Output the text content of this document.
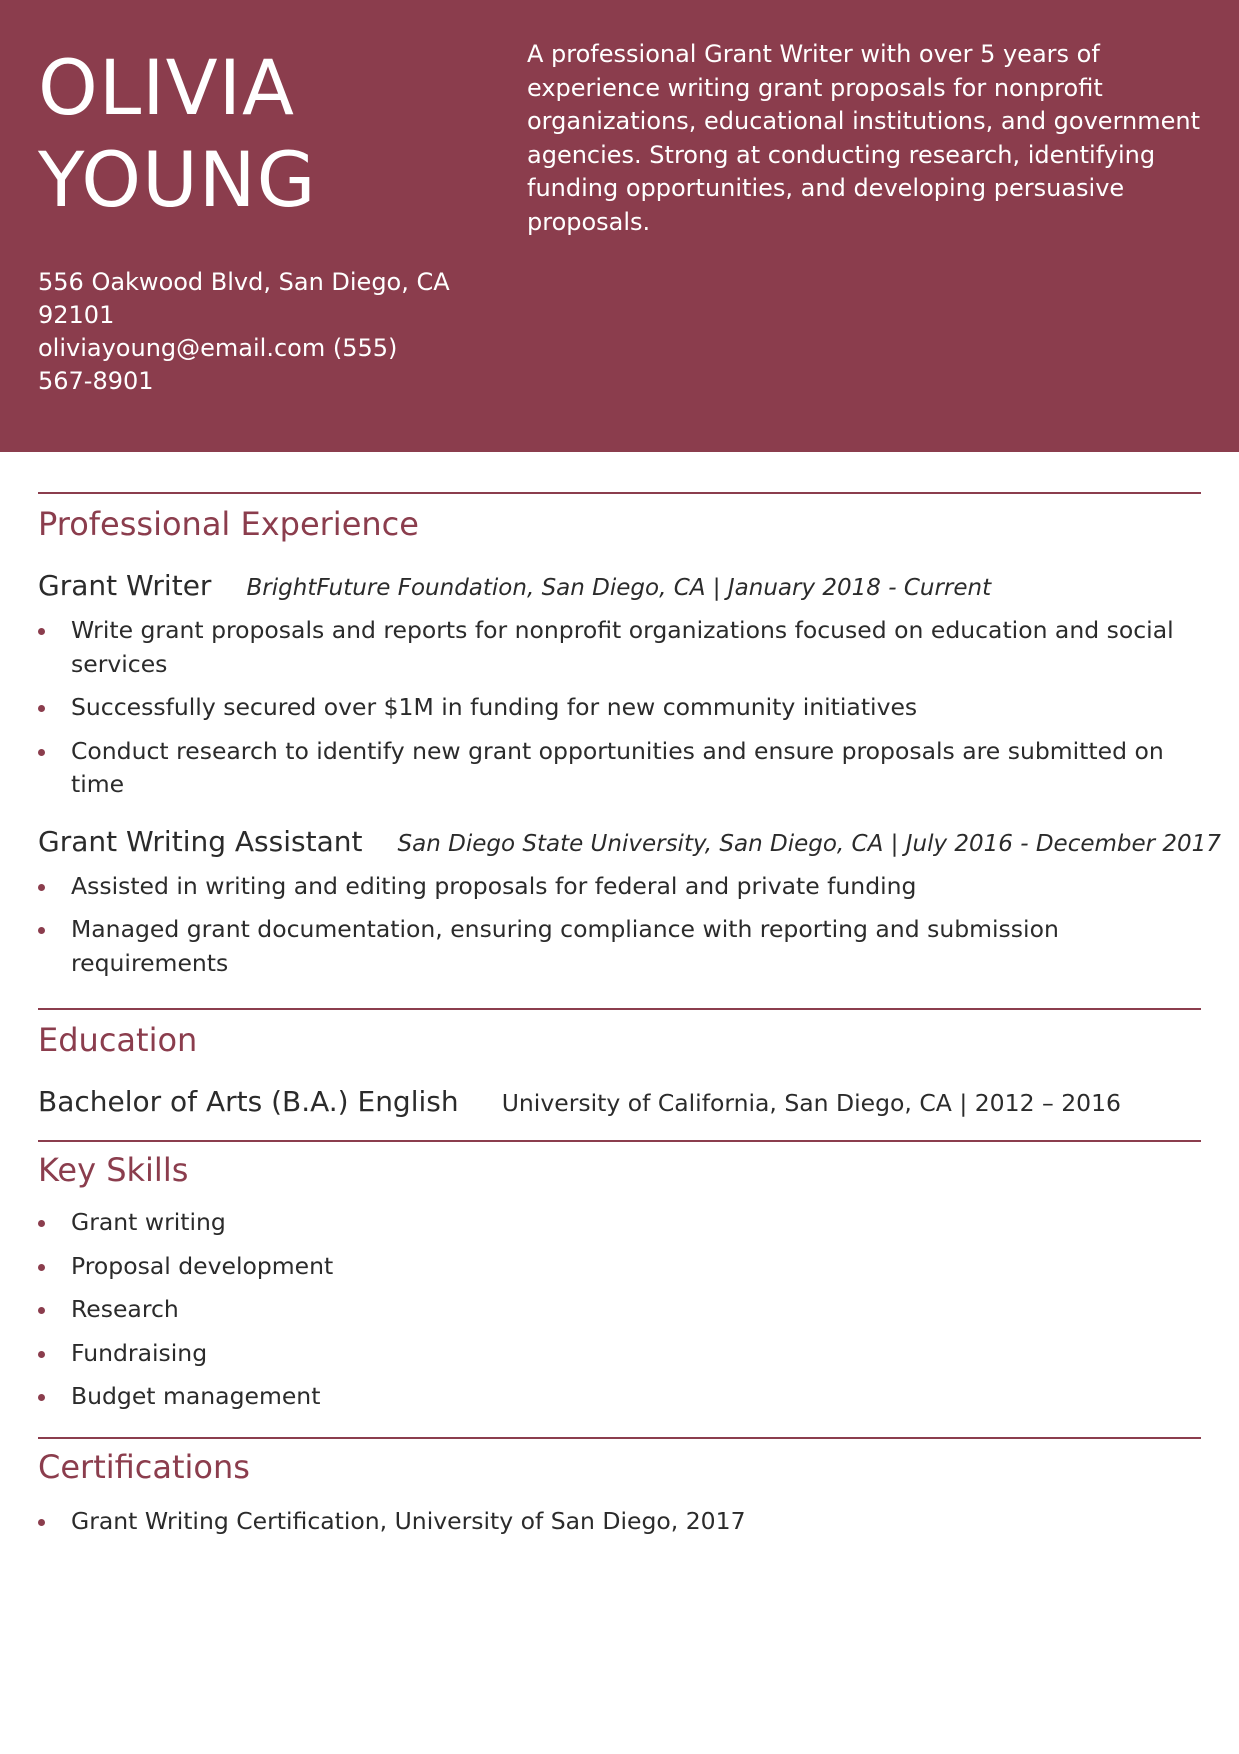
OLIVIA
YOUNG
556 Oakwood Blvd, San Diego, CA
92101
oliviayoung@email.com (555)
567-8901
A professional Grant Writer with over 5 years of experience writing grant proposals for nonprofit organizations, educational institutions, and government agencies. Strong at conducting research, identifying funding opportunities, and developing persuasive proposals.
Professional Experience
Grant Writer BrightFuture Foundation, San Diego, CA | January 2018 - Current
Write grant proposals and reports for nonprofit organizations focused on education and social services
Successfully secured over $1M in funding for new community initiatives
Conduct research to identify new grant opportunities and ensure proposals are submitted on time
Grant Writing Assistant San Diego State University, San Diego, CA | July 2016 - December 2017
Assisted in writing and editing proposals for federal and private funding
Managed grant documentation, ensuring compliance with reporting and submission requirements
Education
Bachelor of Arts (B.A.) English University of California, San Diego, CA | 2012 – 2016
Key Skills
Grant writing
Proposal development
Research
Fundraising
Budget management
Certifications
Grant Writing Certification, University of San Diego, 2017
